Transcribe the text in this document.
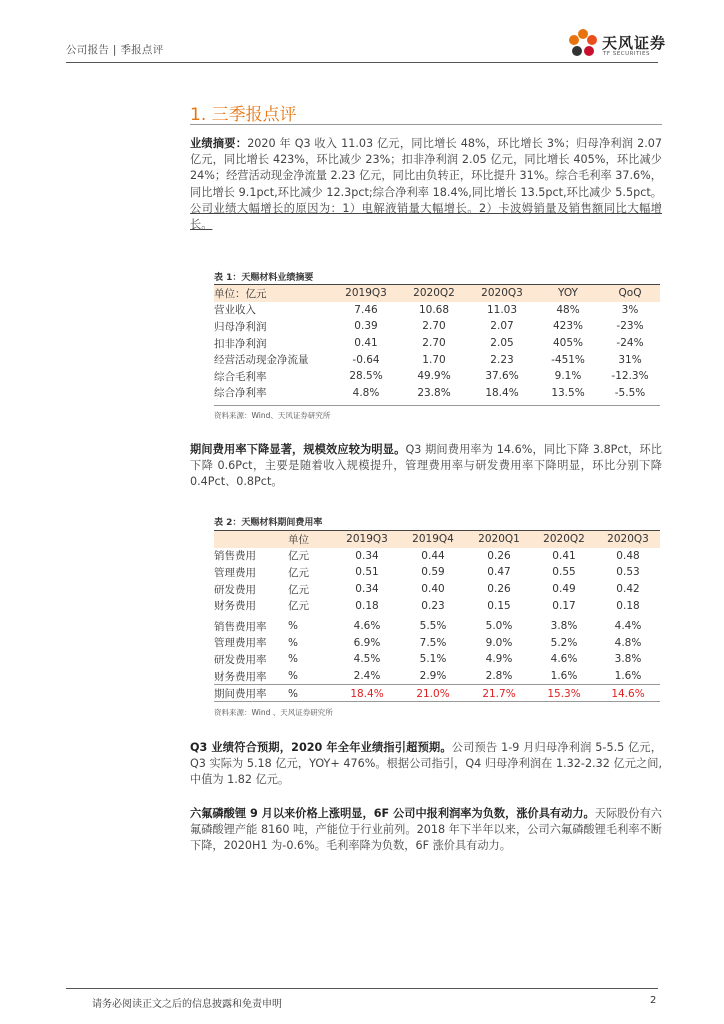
公司报告 | 季报点评	天风证券
TF SECURITIES
1. 三季报点评
业绩摘要：2020 年 Q3 收入 11.03 亿元，同比增长 48%，环比增长 3%；归母净利润 2.07 亿元，同比增长 423%，环比减少 23%；扣非净利润 2.05 亿元，同比增长 405%，环比减少 24%；经营活动现金净流量 2.23 亿元，同比由负转正，环比提升 31%。综合毛利率 37.6%，同比增长 9.1pct,环比减少 12.3pct;综合净利率 18.4%,同比增长 13.5pct,环比减少 5.5pct。公司业绩大幅增长的原因为：1）电解液销量大幅增长。2）卡波姆销量及销售额同比大幅增长。
表 1：天赐材料业绩摘要
单位：亿元	2019Q3	2020Q2	2020Q3	YOY	QoQ
营业收入	7.46	10.68	11.03	48%	3%
归母净利润	0.39	2.70	2.07	423%	-23%
扣非净利润	0.41	2.70	2.05	405%	-24%
经营活动现金净流量	-0.64	1.70	2.23	-451%	31%
综合毛利率	28.5%	49.9%	37.6%	9.1%	-12.3%
综合净利率	4.8%	23.8%	18.4%	13.5%	-5.5%
资料来源：Wind、天风证券研究所
期间费用率下降显著，规模效应较为明显。Q3 期间费用率为 14.6%，同比下降 3.8Pct，环比下降 0.6Pct，主要是随着收入规模提升，管理费用率与研发费用率下降明显，环比分别下降 0.4Pct、0.8Pct。
表 2：天赐材料期间费用率
	单位	2019Q3	2019Q4	2020Q1	2020Q2	2020Q3
销售费用	亿元	0.34	0.44	0.26	0.41	0.48
管理费用	亿元	0.51	0.59	0.47	0.55	0.53
研发费用	亿元	0.34	0.40	0.26	0.49	0.42
财务费用	亿元	0.18	0.23	0.15	0.17	0.18

销售费用率	%	4.6%	5.5%	5.0%	3.8%	4.4%
管理费用率	%	6.9%	7.5%	9.0%	5.2%	4.8%
研发费用率	%	4.5%	5.1%	4.9%	4.6%	3.8%
财务费用率	%	2.4%	2.9%	2.8%	1.6%	1.6%
期间费用率	%	18.4%	21.0%	21.7%	15.3%	14.6%
资料来源：Wind 、天风证券研究所
Q3 业绩符合预期，2020 年全年业绩指引超预期。公司预告 1-9 月归母净利润 5-5.5 亿元，Q3 实际为 5.18 亿元，YOY+ 476%。根据公司指引，Q4 归母净利润在 1.32-2.32 亿元之间,中值为 1.82 亿元。
六氟磷酸锂 9 月以来价格上涨明显，6F 公司中报利润率为负数，涨价具有动力。天际股份有六氟磷酸锂产能 8160 吨，产能位于行业前列。2018 年下半年以来，公司六氟磷酸锂毛利率不断下降，2020H1 为-0.6%。毛利率降为负数，6F 涨价具有动力。
请务必阅读正文之后的信息披露和免责申明	2
